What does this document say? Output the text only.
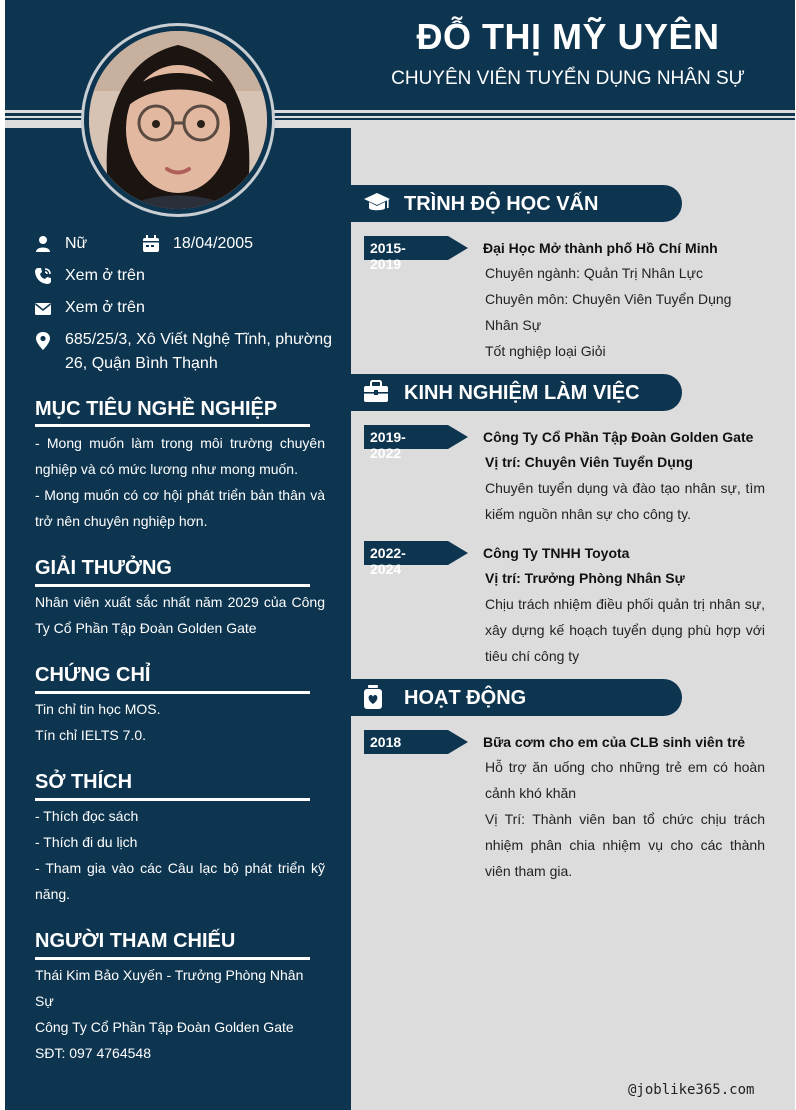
ĐỖ THỊ MỸ UYÊN
CHUYÊN VIÊN TUYỂN DỤNG NHÂN SỰ
Nữ	18/04/2005
Xem ở trên
Xem ở trên
685/25/3, Xô Viết Nghệ Tĩnh, phường 26, Quận Bình Thạnh
MỤC TIÊU NGHỀ NGHIỆP
- Mong muốn làm trong môi trường chuyên nghiệp và có mức lương như mong muốn.
- Mong muốn có cơ hội phát triển bản thân và trở nên chuyên nghiệp hơn.
GIẢI THƯỞNG
Nhân viên xuất sắc nhất năm 2029 của Công Ty Cổ Phần Tập Đoàn Golden Gate
CHỨNG CHỈ
Tin chỉ tin học MOS.
Tín chỉ IELTS 7.0.
SỞ THÍCH
- Thích đọc sách
- Thích đi du lịch
- Tham gia vào các Câu lạc bộ phát triển kỹ năng.
NGƯỜI THAM CHIẾU
Thái Kim Bảo Xuyến - Trưởng Phòng Nhân Sự
Công Ty Cổ Phần Tập Đoàn Golden Gate
SĐT: 097 4764548
TRÌNH ĐỘ HỌC VẤN
2015-2019
Đại Học Mở thành phố Hồ Chí Minh
Chuyên ngành: Quản Trị Nhân Lực
Chuyên môn: Chuyên Viên Tuyển Dụng Nhân Sự
Tốt nghiệp loại Giỏi
KINH NGHIỆM LÀM VIỆC
2019-2022
Công Ty Cổ Phần Tập Đoàn Golden Gate
Vị trí: Chuyên Viên Tuyển Dụng
Chuyên tuyển dụng và đào tạo nhân sự, tìm kiếm nguồn nhân sự cho công ty.
2022-2024
Công Ty TNHH Toyota
Vị trí: Trưởng Phòng Nhân Sự
Chịu trách nhiệm điều phối quản trị nhân sự, xây dựng kế hoạch tuyển dụng phù hợp với tiêu chí công ty
HOẠT ĐỘNG
2018	Bữa cơm cho em của CLB sinh viên trẻ
Hỗ trợ ăn uống cho những trẻ em có hoàn cảnh khó khăn
Vị Trí: Thành viên ban tổ chức chịu trách nhiệm phân chia nhiệm vụ cho các thành viên tham gia.
@joblike365.com
